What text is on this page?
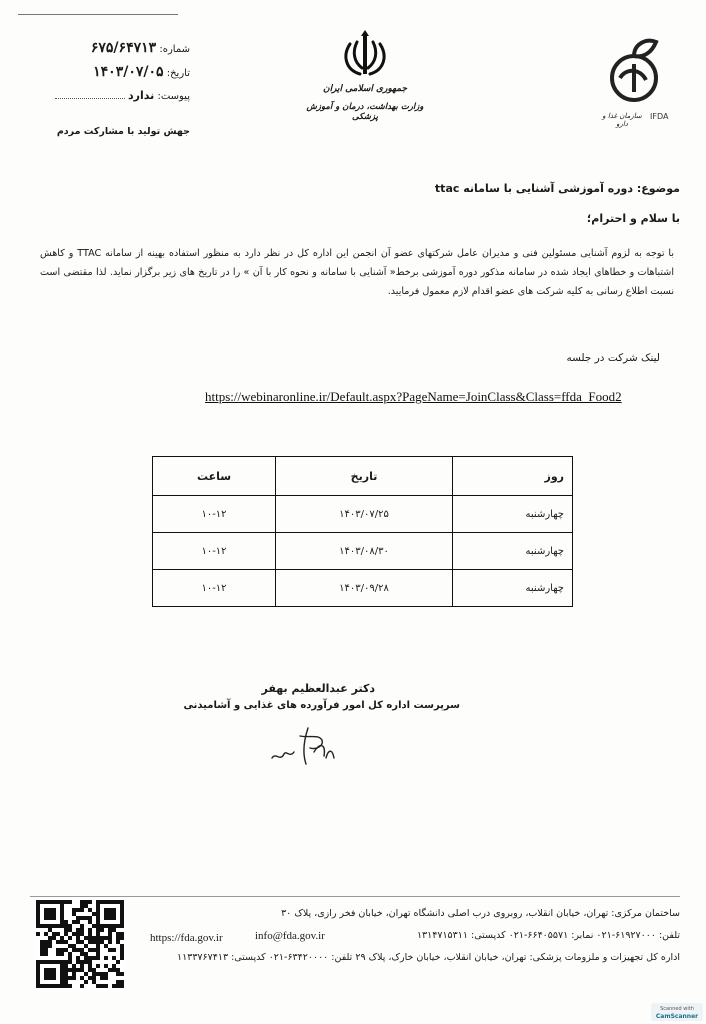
شماره: ۶۷۵/۶۴۷۱۳
تاریخ: ۱۴۰۳/۰۷/۰۵
پیوست: ندارد
جهش تولید با مشارکت مردم
جمهوری اسلامی ایران
وزارت بهداشت، درمان و آموزش پزشکی	سازمان غذا و دارو
IFDA
موضوع: دوره آموزشی آشنایی با سامانه ttac
با سلام و احترام؛
با توجه به لزوم آشنایی مسئولین فنی و مدیران عامل شرکتهای عضو آن انجمن این اداره کل در نظر دارد به منظور استفاده بهینه از سامانه TTAC و کاهش اشتباهات و خطاهای ایجاد شده در سامانه مذکور دوره آموزشی برخط« آشنایی با سامانه و نحوه کار با آن » را در تاریخ های زیر برگزار نماید. لذا مقتضی است نسبت اطلاع رسانی به کلیه شرکت های عضو اقدام لازم معمول فرمایید.
لینک شرکت در جلسه
https://webinaronline.ir/Default.aspx?PageName=JoinClass&Class=ffda_Food2
روز	تاریخ	ساعت
چهارشنبه	۱۴۰۳/۰۷/۲۵	۱۰-۱۲
چهارشنبه	۱۴۰۳/۰۸/۳۰	۱۰-۱۲
چهارشنبه	۱۴۰۳/۰۹/۲۸	۱۰-۱۲
دکتر عبدالعظیم بهفر
سرپرست اداره کل امور فرآورده های غذایی و آشامیدنی
ساختمان مرکزی: تهران، خیابان انقلاب، روبروی درب اصلی دانشگاه تهران، خیابان فخر رازی، پلاک ۳۰
تلفن: ۶۱۹۲۷۰۰۰-۰۲۱ نمابر: ۶۶۴۰۵۵۷۱-۰۲۱ کدپستی: ۱۳۱۴۷۱۵۳۱۱
info@fda.gov.ir
https://fda.gov.ir
اداره کل تجهیزات و ملزومات پزشکی: تهران، خیابان انقلاب، خیابان خارک، پلاک ۲۹ تلفن: ۶۳۴۲۰۰۰۰-۰۲۱ کدپستی: ۱۱۳۳۷۶۷۴۱۳
Scanned with
CamScanner
